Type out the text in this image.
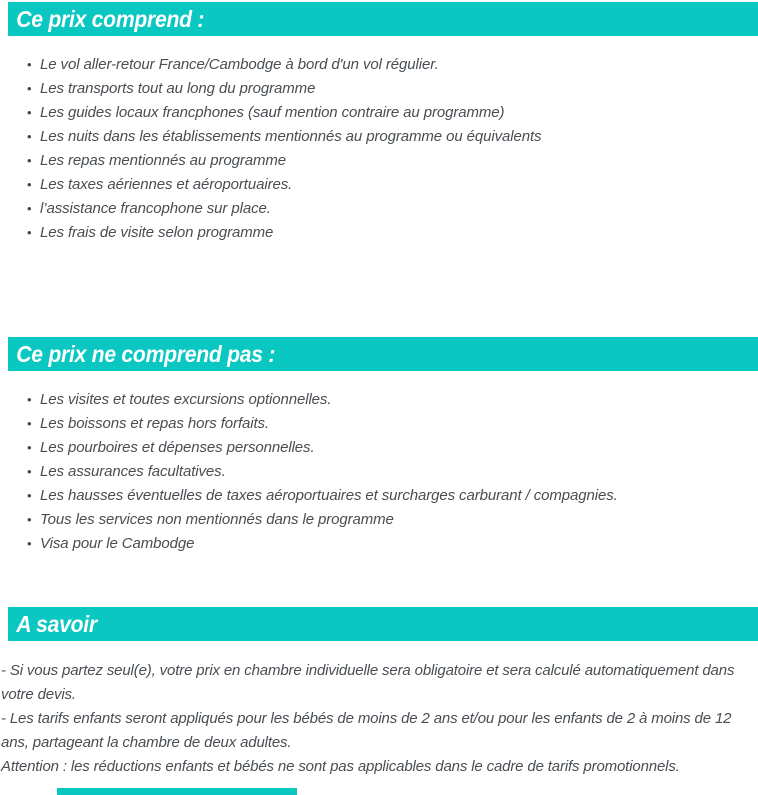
Ce prix comprend :
• Le vol aller-retour France/Cambodge à bord d'un vol régulier.
• Les transports tout au long du programme
• Les guides locaux francphones (sauf mention contraire au programme)
• Les nuits dans les établissements mentionnés au programme ou équivalents
• Les repas mentionnés au programme
• Les taxes aériennes et aéroportuaires.
• l’assistance francophone sur place.
• Les frais de visite selon programme
Ce prix ne comprend pas :
• Les visites et toutes excursions optionnelles.
• Les boissons et repas hors forfaits.
• Les pourboires et dépenses personnelles.
• Les assurances facultatives.
• Les hausses éventuelles de taxes aéroportuaires et surcharges carburant / compagnies.
• Tous les services non mentionnés dans le programme
• Visa pour le Cambodge
A savoir

- Si vous partez seul(e), votre prix en chambre individuelle sera obligatoire et sera calculé automatiquement dans votre devis.

- Les tarifs enfants seront appliqués pour les bébés de moins de 2 ans et/ou pour les enfants de 2 à moins de 12 ans, partageant la chambre de deux adultes.

Attention : les réductions enfants et bébés ne sont pas applicables dans le cadre de tarifs promotionnels.
